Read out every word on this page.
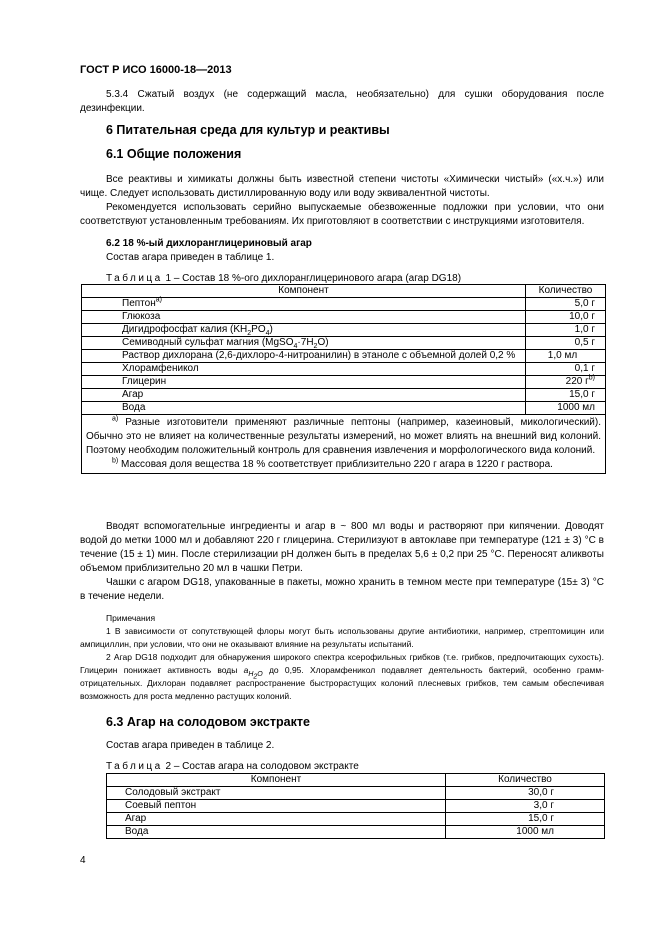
ГОСТ Р ИСО 16000-18—2013
5.3.4 Сжатый воздух (не содержащий масла, необязательно) для сушки оборудования после дезинфекции.
6 Питательная среда для культур и реактивы
6.1 Общие положения
Все реактивы и химикаты должны быть известной степени чистоты «Химически чистый» («х.ч.») или чище. Следует использовать дистиллированную воду или воду эквивалентной чистоты.
Рекомендуется использовать серийно выпускаемые обезвоженные подложки при условии, что они соответствуют установленным требованиям. Их приготовляют в соответствии с инструкциями изготовителя.
6.2 18 %-ый дихлоранглицериновый агар
Состав агара приведен в таблице 1.
Таблица 1 – Состав 18 %-ого дихлоранглицеринового агара (агар DG18)
Компонент	Количество
Пептон$^{a)}$	5,0 г
Глюкоза	10,0 г
Дигидрофосфат калия $(KH_2PO_4)$	1,0 г
Семиводный сульфат магния $(MgSO_4\cdot 7H_2O)$	0,5 г
Раствор дихлорана (2,6-дихлоро-4-нитроанилин) в этаноле с объемной долей 0,2 %	1,0 мл
Хлорамфеникол	0,1 г
Глицерин	220 $г^{b)}$
Агар	15,0 г
Вода	1000 мл

$^{a)}$ Разные изготовители применяют различные пептоны (например, казеиновый, микологический). Обычно это не влияет на количественные результаты измерений, но может влиять на внешний вид колоний. Поэтому необходим положительный контроль для сравнения извлечения и морфологического вида колоний.
$^{b)}$ Массовая доля вещества 18 % соответствует приблизительно 220 г агара в 1220 г раствора.	
Вводят вспомогательные ингредиенты и агар в ~ 800 мл воды и растворяют при кипячении. Доводят водой до метки 1000 мл и добавляют 220 г глицерина. Стерилизуют в автоклаве при температуре (121 ± 3) °С в течение (15 ± 1) мин. После стерилизации pH должен быть в пределах 5,6 ± 0,2 при 25 °С. Переносят аликвоты объемом приблизительно 20 мл в чашки Петри.
Чашки с агаром DG18, упакованные в пакеты, можно хранить в темном месте при температуре (15± 3) °С в течение недели.
Примечания
1 В зависимости от сопутствующей флоры могут быть использованы другие антибиотики, например, стрептомицин или ампициллин, при условии, что они не оказывают влияние на результаты испытаний.
2 Агар DG18 подходит для обнаружения широкого спектра ксерофильных грибков (т.е. грибков, предпочитающих сухость). Глицерин понижает активность воды $a_{H_2O}$ до 0,95. Хлорамфеникол подавляет деятельность бактерий, особенно грамм-отрицательных. Дихлоран подавляет распространение быстрорастущих колоний плесневых грибков, тем самым обеспечивая возможность для роста медленно растущих колоний.
6.3 Агар на солодовом экстракте
Состав агара приведен в таблице 2.
Таблица 2 – Состав агара на солодовом экстракте
Компонент	Количество
Солодовый экстракт	30,0 г
Соевый пептон	3,0 г
Агар	15,0 г
Вода	1000 мл
4
